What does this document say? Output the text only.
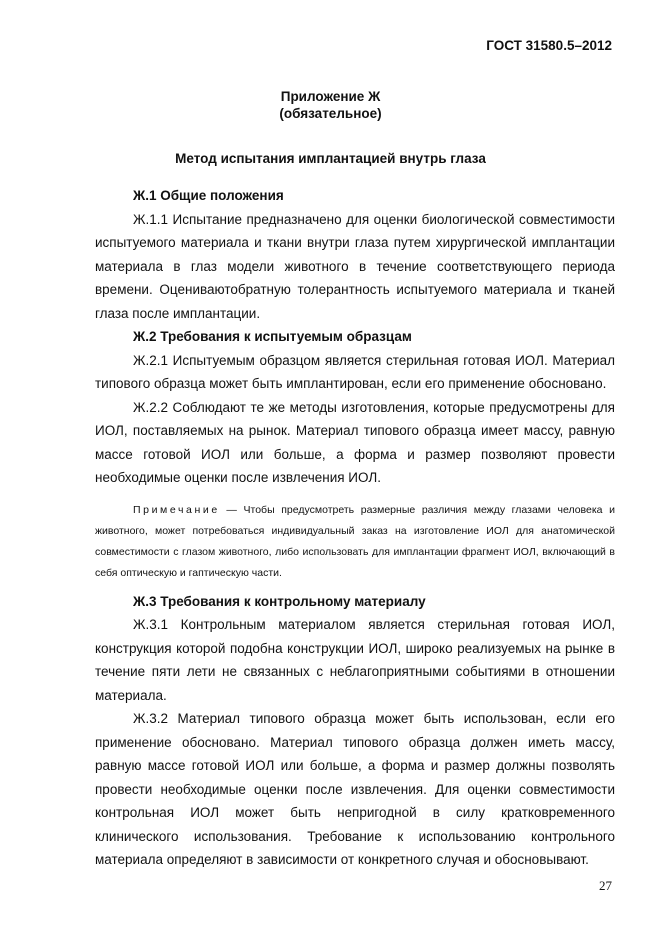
ГОСТ 31580.5–2012
Приложение Ж
(обязательное)
Метод испытания имплантацией внутрь глаза
Ж.1 Общие положения

Ж.1.1 Испытание предназначено для оценки биологической совместимости испытуемого материала и ткани внутри глаза путем хирургической имплантации материала в глаз модели животного в течение соответствующего периода времени. Оцениваютобратную толерантность испытуемого материала и тканей глаза после имплантации.

Ж.2 Требования к испытуемым образцам

Ж.2.1 Испытуемым образцом является стерильная готовая ИОЛ. Материал типового образца может быть имплантирован, если его применение обосновано.

Ж.2.2 Соблюдают те же методы изготовления, которые предусмотрены для ИОЛ, поставляемых на рынок. Материал типового образца имеет массу, равную массе готовой ИОЛ или больше, а форма и размер позволяют провести необходимые оценки после извлечения ИОЛ.

Примечание — Чтобы предусмотреть размерные различия между глазами человека и животного, может потребоваться индивидуальный заказ на изготовление ИОЛ для анатомической совместимости с глазом животного, либо использовать для имплантации фрагмент ИОЛ, включающий в себя оптическую и гаптическую части.
Ж.3 Требования к контрольному материалу

Ж.3.1 Контрольным материалом является стерильная готовая ИОЛ, конструкция которой подобна конструкции ИОЛ, широко реализуемых на рынке в течение пяти лети не связанных с неблагоприятными событиями в отношении материала.

Ж.3.2 Материал типового образца может быть использован, если его применение обосновано. Материал типового образца должен иметь массу, равную массе готовой ИОЛ или больше, а форма и размер должны позволять провести необходимые оценки после извлечения. Для оценки совместимости контрольная ИОЛ может быть непригодной в силу кратковременного клинического использования. Требование к использованию контрольного материала определяют в зависимости от конкретного случая и обосновывают.

27
